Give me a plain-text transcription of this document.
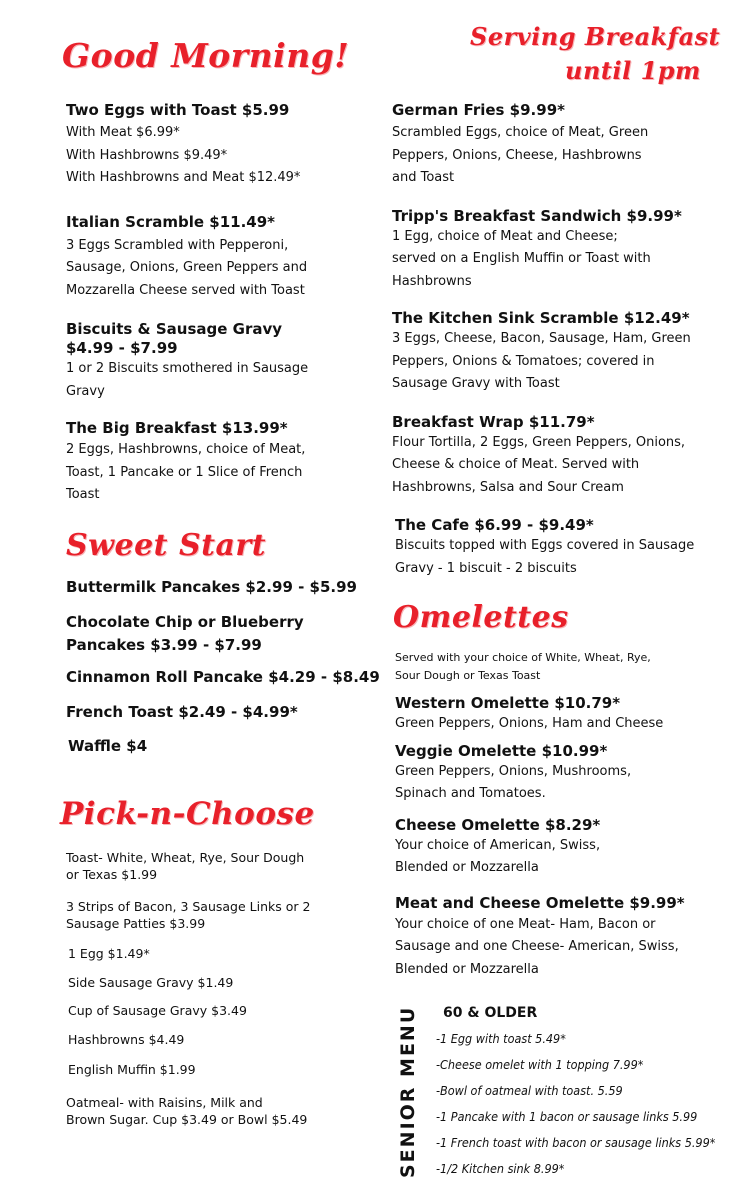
Good Morning!	Serving Breakfast
until 1pm
Two Eggs with Toast $5.99
With Meat $6.99*
With Hashbrowns $9.49*
With Hashbrowns and Meat $12.49*
Italian Scramble $11.49*
3 Eggs Scrambled with Pepperoni,
Sausage, Onions, Green Peppers and
Mozzarella Cheese served with Toast
Biscuits & Sausage Gravy
$4.99 - $7.99
1 or 2 Biscuits smothered in Sausage
Gravy
The Big Breakfast $13.99*
2 Eggs, Hashbrowns, choice of Meat,
Toast, 1 Pancake or 1 Slice of French
Toast
German Fries $9.99*
Scrambled Eggs, choice of Meat, Green
Peppers, Onions, Cheese, Hashbrowns
and Toast
Tripp's Breakfast Sandwich $9.99*
1 Egg, choice of Meat and Cheese;
served on a English Muffin or Toast with
Hashbrowns
The Kitchen Sink Scramble $12.49*
3 Eggs, Cheese, Bacon, Sausage, Ham, Green
Peppers, Onions & Tomatoes; covered in
Sausage Gravy with Toast
Breakfast Wrap $11.79*
Flour Tortilla, 2 Eggs, Green Peppers, Onions,
Cheese & choice of Meat. Served with
Hashbrowns, Salsa and Sour Cream
The Cafe $6.99 - $9.49*
Biscuits topped with Eggs covered in Sausage
Gravy - 1 biscuit - 2 biscuits
Sweet Start
Buttermilk Pancakes $2.99 - $5.99
Chocolate Chip or Blueberry
Pancakes $3.99 - $7.99
Cinnamon Roll Pancake $4.29 - $8.49
French Toast $2.49 - $4.99*
Waffle $4
Pick-n-Choose
Toast- White, Wheat, Rye, Sour Dough
or Texas $1.99
3 Strips of Bacon, 3 Sausage Links or 2
Sausage Patties $3.99
1 Egg $1.49*
Side Sausage Gravy $1.49
Cup of Sausage Gravy $3.49
Hashbrowns $4.49
English Muffin $1.99
Oatmeal- with Raisins, Milk and
Brown Sugar. Cup $3.49 or Bowl $5.49
Omelettes
Served with your choice of White, Wheat, Rye,
Sour Dough or Texas Toast
Western Omelette $10.79*
Green Peppers, Onions, Ham and Cheese
Veggie Omelette $10.99*
Green Peppers, Onions, Mushrooms,
Spinach and Tomatoes.
Cheese Omelette $8.29*
Your choice of American, Swiss,
Blended or Mozzarella
Meat and Cheese Omelette $9.99*
Your choice of one Meat- Ham, Bacon or
Sausage and one Cheese- American, Swiss,
Blended or Mozzarella
SENIOR MENU 60 & OLDER
-1 Egg with toast 5.49*
-Cheese omelet with 1 topping 7.99*
-Bowl of oatmeal with toast. 5.59
-1 Pancake with 1 bacon or sausage links 5.99
-1 French toast with bacon or sausage links 5.99*
-1/2 Kitchen sink 8.99*
